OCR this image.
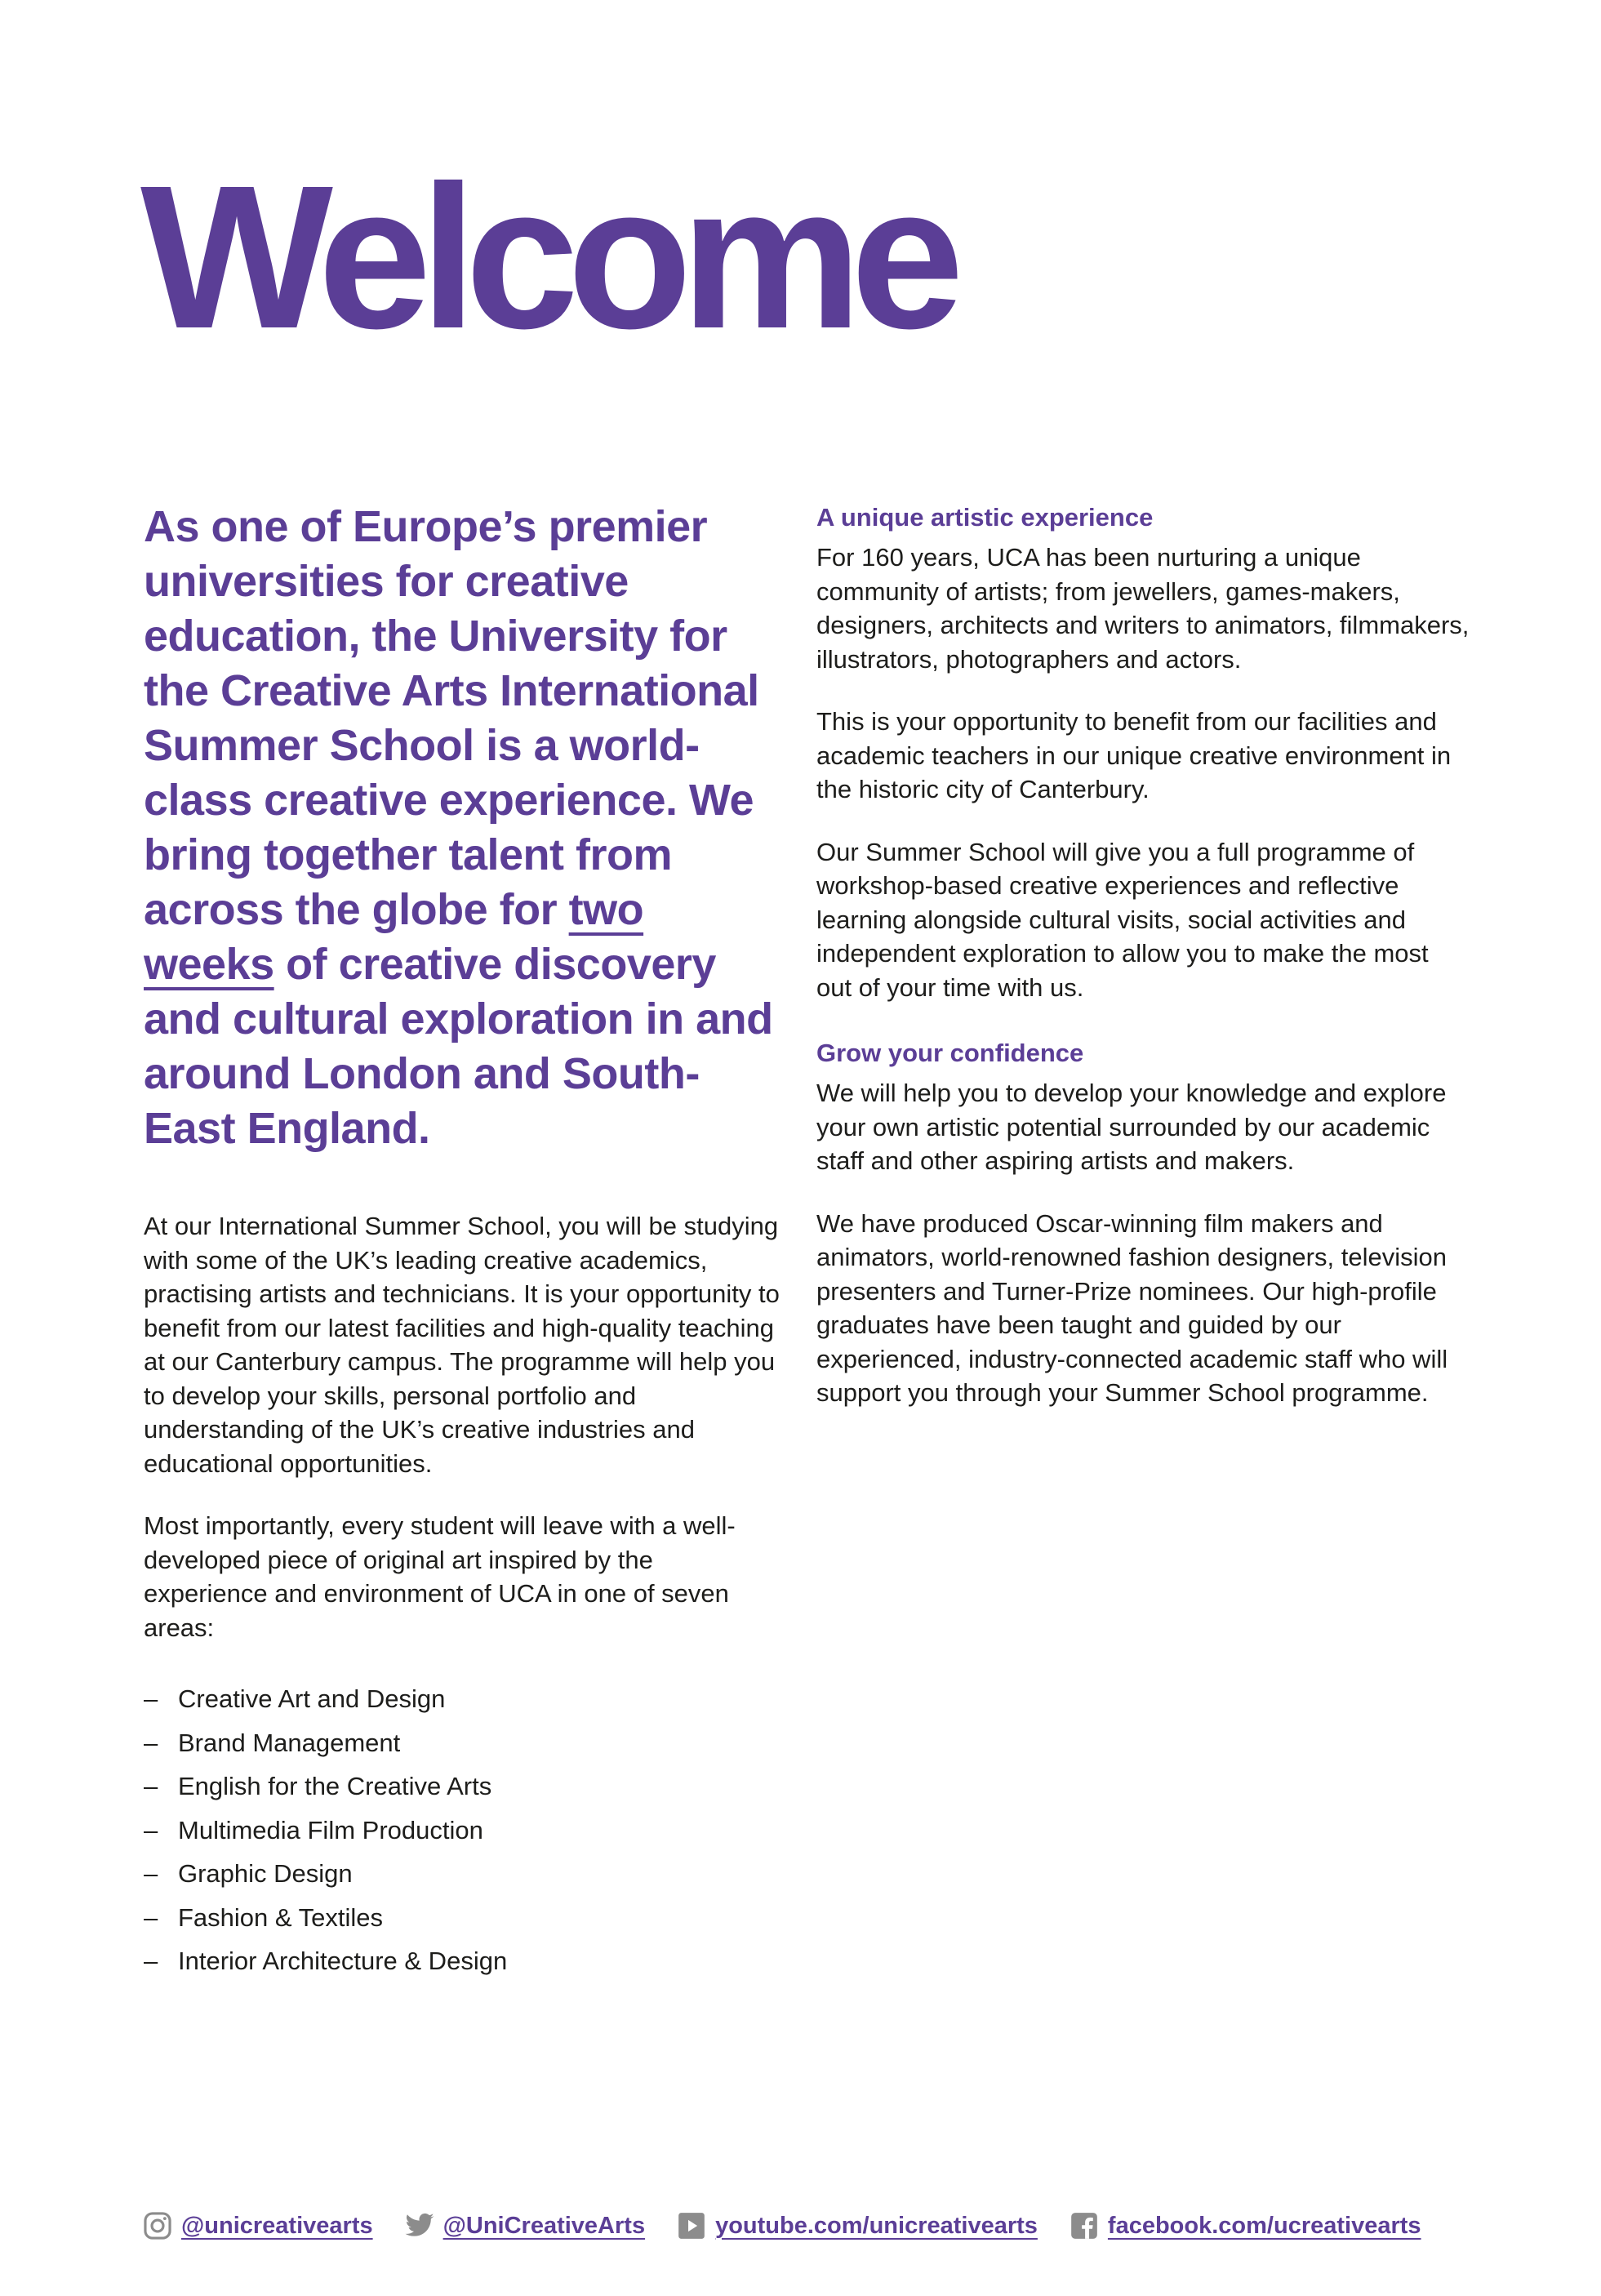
Welcome

As one of Europe’s premier universities for creative education, the University for the Creative Arts International Summer School is a world-class creative experience. We bring together talent from across the globe for two weeks of creative discovery and cultural exploration in and around London and South-East England.

At our International Summer School, you will be studying with some of the UK’s leading creative academics, practising artists and technicians. It is your opportunity to benefit from our latest facilities and high-quality teaching at our Canterbury campus. The programme will help you to develop your skills, personal portfolio and understanding of the UK’s creative industries and educational opportunities.

Most importantly, every student will leave with a well-developed piece of original art inspired by the experience and environment of UCA in one of seven areas:

– Creative Art and Design
– Brand Management
– English for the Creative Arts
– Multimedia Film Production
– Graphic Design
– Fashion & Textiles
– Interior Architecture & Design
A unique artistic experience

For 160 years, UCA has been nurturing a unique community of artists; from jewellers, games-makers, designers, architects and writers to animators, filmmakers, illustrators, photographers and actors.

This is your opportunity to benefit from our facilities and academic teachers in our unique creative environment in the historic city of Canterbury.

Our Summer School will give you a full programme of workshop-based creative experiences and reflective learning alongside cultural visits, social activities and independent exploration to allow you to make the most out of your time with us.

Grow your confidence

We will help you to develop your knowledge and explore your own artistic potential surrounded by our academic staff and other aspiring artists and makers.

We have produced Oscar-winning film makers and animators, world-renowned fashion designers, television presenters and Turner-Prize nominees. Our high-profile graduates have been taught and guided by our experienced, industry-connected academic staff who will support you through your Summer School programme.

@unicreativearts	@UniCreativeArts	youtube.com/unicreativearts	facebook.com/ucreativearts
